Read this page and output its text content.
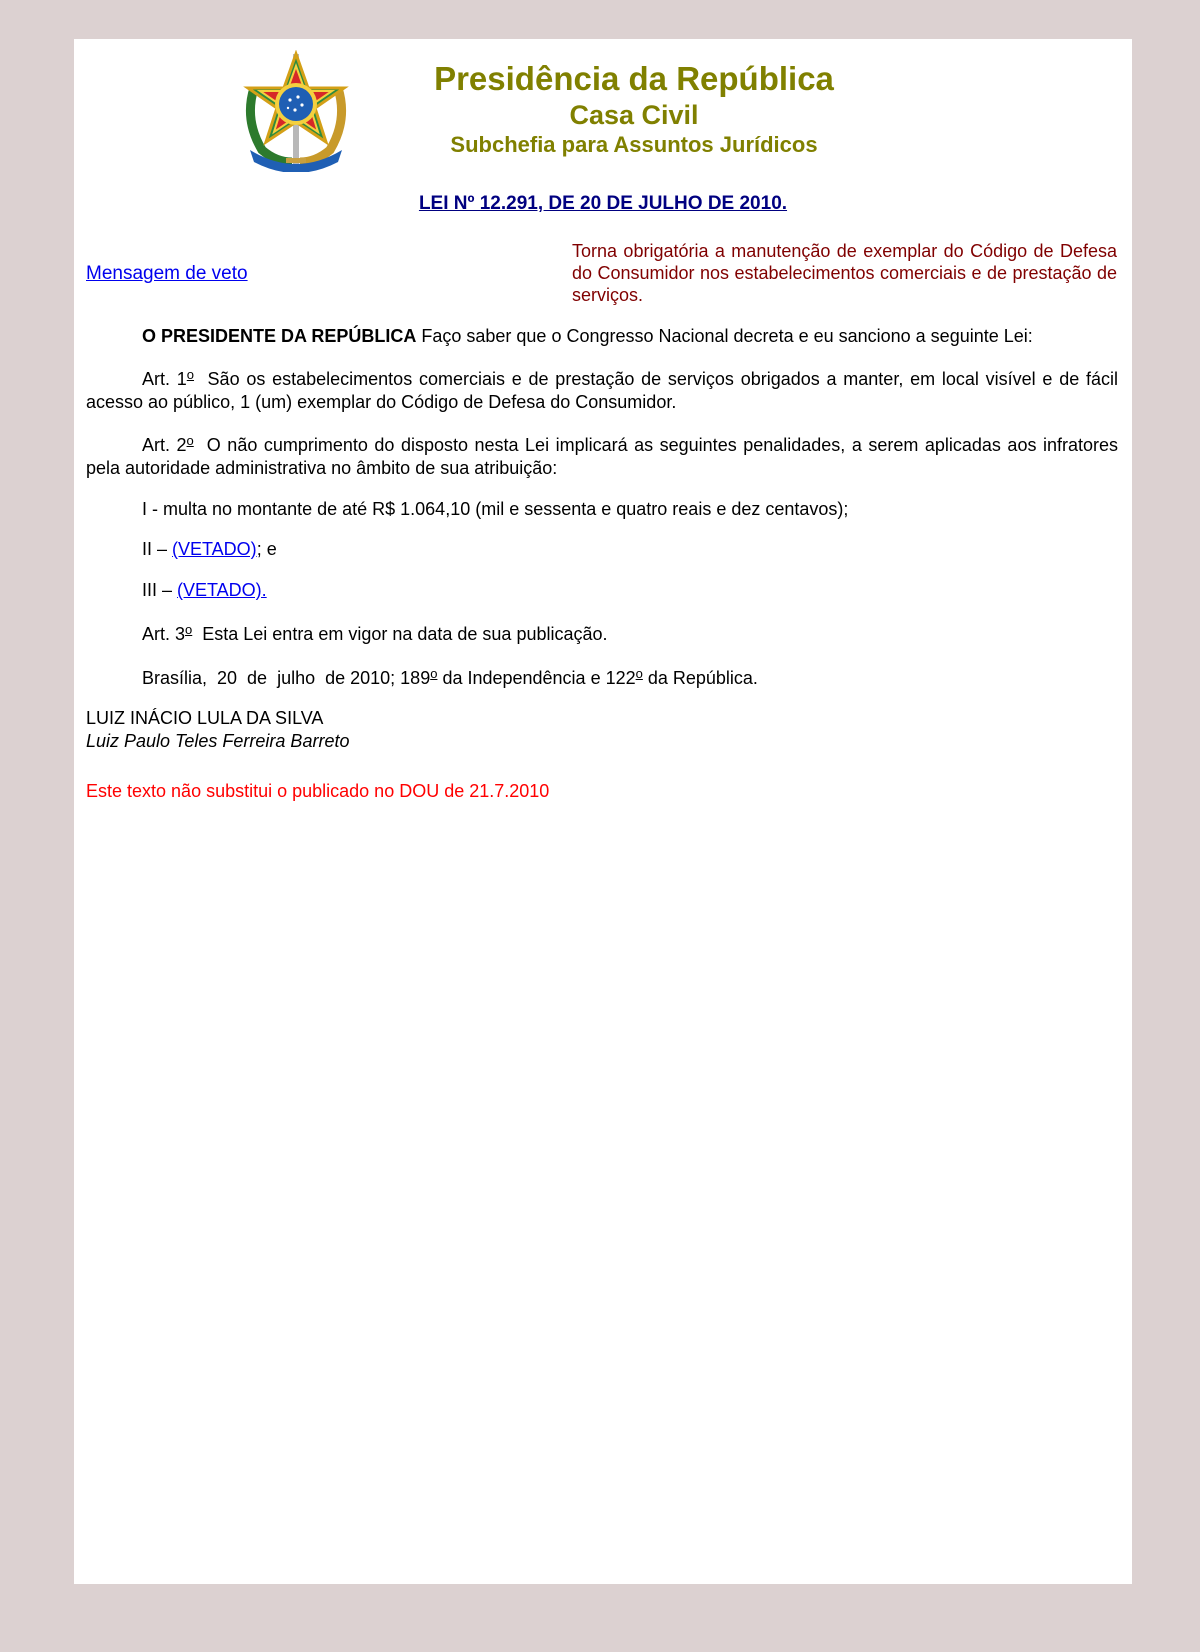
Presidência da República
Casa Civil
Subchefia para Assuntos Jurídicos
LEI Nº 12.291, DE 20 DE JULHO DE 2010.
Mensagem de veto
Torna obrigatória a manutenção de exemplar do Código de Defesa do Consumidor nos estabelecimentos comerciais e de prestação de serviços.

O PRESIDENTE DA REPÚBLICA Faço saber que o Congresso Nacional decreta e eu sanciono a seguinte Lei:

Art. 1$^o$  São os estabelecimentos comerciais e de prestação de serviços obrigados a manter, em local visível e de fácil acesso ao público, 1 (um) exemplar do Código de Defesa do Consumidor.

Art. 2$^o$  O não cumprimento do disposto nesta Lei implicará as seguintes penalidades, a serem aplicadas aos infratores pela autoridade administrativa no âmbito de sua atribuição:

I - multa no montante de até R$ 1.064,10 (mil e sessenta e quatro reais e dez centavos);

II – (VETADO); e

III – (VETADO).

Art. 3$^o$  Esta Lei entra em vigor na data de sua publicação.

Brasília,  20  de  julho  de 2010; 189$^o$ da Independência e 122$^o$ da República.

LUIZ INÁCIO LULA DA SILVA

Luiz Paulo Teles Ferreira Barreto

Este texto não substitui o publicado no DOU de 21.7.2010
